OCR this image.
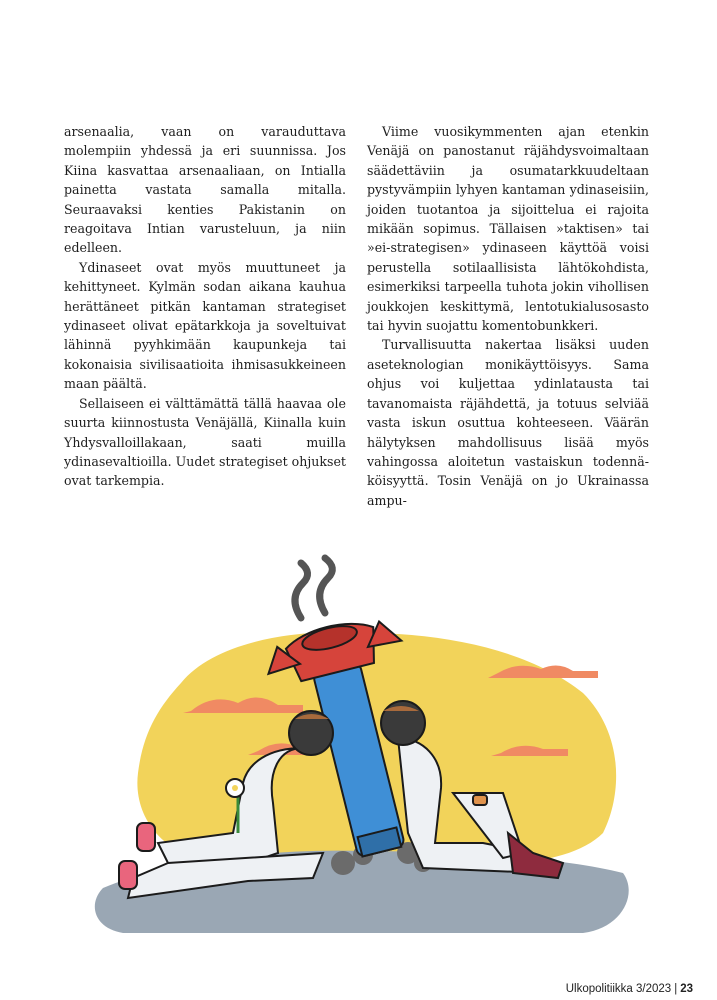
arsenaalia, vaan on varauduttava molempiin yhdessä ja eri suunnissa. Jos Kiina kasvattaa arsenaaliaan, on Intialla painetta vastata samalla mitalla. Seuraavaksi kenties Pakistanin on reagoitava Intian varusteluun, ja niin edelleen.

Ydinaseet ovat myös muuttuneet ja kehittyneet. Kylmän sodan aikana kauhua herättäneet pitkän kantaman strategiset ydinaseet olivat epätarkkoja ja soveltuivat lähinnä pyyhkimään kaupunkeja tai kokonaisia sivilisaatioita ihmisasukkeineen maan päältä.

Sellaiseen ei välttämättä tällä haavaa ole suurta kiinnostusta Venäjällä, Kiinalla kuin Yhdysvalloillakaan, saati muilla ydinasevaltioilla. Uudet strategiset ohjukset ovat tarkempia.

Viime vuosikymmenten ajan etenkin Venäjä on panostanut räjähdysvoimaltaan säädettäviin ja osumatarkkuudeltaan pystyvämpiin lyhyen kantaman ydinaseisiin, joiden tuotantoa ja sijoittelua ei rajoita mikään sopimus. Tällaisen »taktisen» tai »ei-strategisen» ydinaseen käyttöä voisi perustella sotilaallisista lähtökohdista, esimerkiksi tarpeella tuhota jokin vihollisen joukkojen keskittymä, lentotukialusosasto tai hyvin suojattu komentobunkkeri.

Turvallisuutta nakertaa lisäksi uuden aseteknologian monikäyttöisyys. Sama ohjus voi kuljettaa ydinlatausta tai tavanomaista räjähdettä, ja totuus selviää vasta iskun osuttua kohteeseen. Väärän hälytyksen mahdollisuus lisää myös vahingossa aloitetun vastaiskun todennäköisyyttä. Tosin Venäjä on jo Ukrainassa ampu-

Ulkopolitiikka 3/2023 | 23
